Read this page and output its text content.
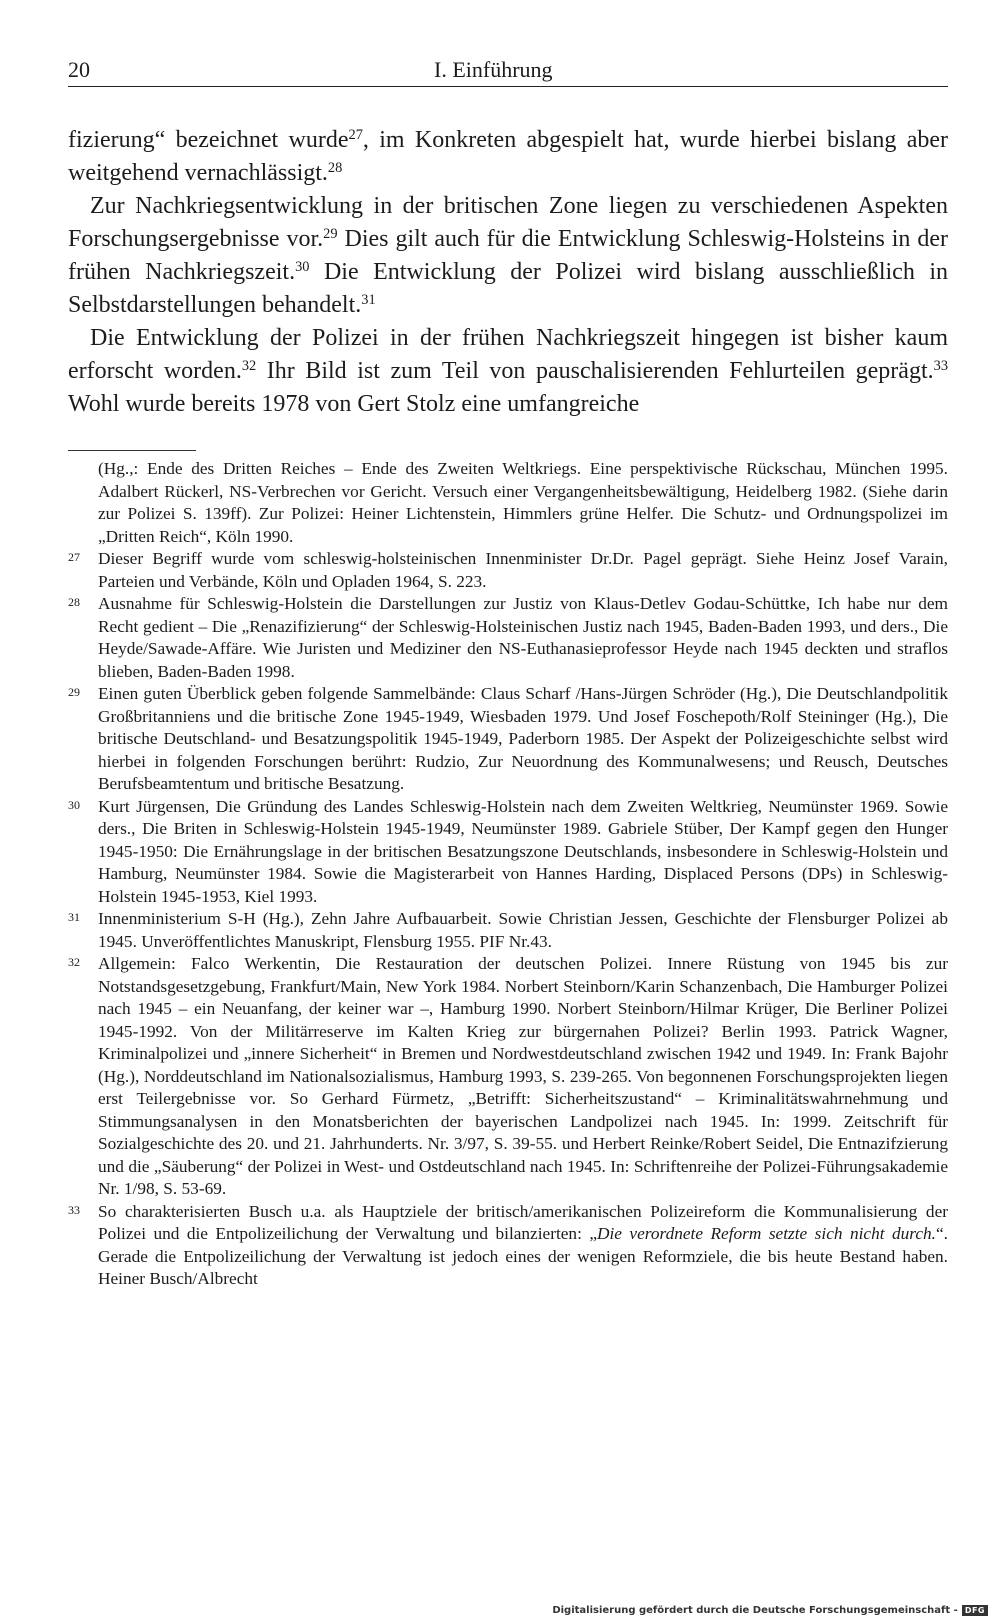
20	I. Einführung

fizierung“ bezeichnet wurde$^{27}$, im Konkreten abgespielt hat, wurde hierbei bislang aber weitgehend vernachlässigt.$^{28}$

Zur Nachkriegsentwicklung in der britischen Zone liegen zu verschiedenen Aspekten Forschungsergebnisse vor.$^{29}$ Dies gilt auch für die Entwicklung Schleswig-Holsteins in der frühen Nachkriegszeit.$^{30}$ Die Entwicklung der Polizei wird bislang ausschließlich in Selbstdarstellungen behandelt.$^{31}$

Die Entwicklung der Polizei in der frühen Nachkriegszeit hingegen ist bisher kaum erforscht worden.$^{32}$ Ihr Bild ist zum Teil von pauschalisierenden Fehlurteilen geprägt.$^{33}$ Wohl wurde bereits 1978 von Gert Stolz eine umfangreiche

(Hg.,: Ende des Dritten Reiches – Ende des Zweiten Weltkriegs. Eine perspektivische Rückschau, München 1995. Adalbert Rückerl, NS-Verbrechen vor Gericht. Versuch einer Vergangenheitsbewältigung, Heidelberg 1982. (Siehe darin zur Polizei S. 139ff). Zur Polizei: Heiner Lichtenstein, Himmlers grüne Helfer. Die Schutz- und Ordnungspolizei im „Dritten Reich“, Köln 1990.
27 Dieser Begriff wurde vom schleswig-holsteinischen Innenminister Dr.Dr. Pagel geprägt. Siehe Heinz Josef Varain, Parteien und Verbände, Köln und Opladen 1964, S. 223.
28 Ausnahme für Schleswig-Holstein die Darstellungen zur Justiz von Klaus-Detlev Godau-Schüttke, Ich habe nur dem Recht gedient – Die „Renazifizierung“ der Schleswig-Holsteinischen Justiz nach 1945, Baden-Baden 1993, und ders., Die Heyde/Sawade-Affäre. Wie Juristen und Mediziner den NS-Euthanasieprofessor Heyde nach 1945 deckten und straflos blieben, Baden-Baden 1998.
29 Einen guten Überblick geben folgende Sammelbände: Claus Scharf /Hans-Jürgen Schröder (Hg.), Die Deutschlandpolitik Großbritanniens und die britische Zone 1945-1949, Wiesbaden 1979. Und Josef Foschepoth/Rolf Steininger (Hg.), Die britische Deutschland- und Besatzungspolitik 1945-1949, Paderborn 1985. Der Aspekt der Polizeigeschichte selbst wird hierbei in folgenden Forschungen berührt: Rudzio, Zur Neuordnung des Kommunalwesens; und Reusch, Deutsches Berufsbeamtentum und britische Besatzung.
30 Kurt Jürgensen, Die Gründung des Landes Schleswig-Holstein nach dem Zweiten Weltkrieg, Neumünster 1969. Sowie ders., Die Briten in Schleswig-Holstein 1945-1949, Neumünster 1989. Gabriele Stüber, Der Kampf gegen den Hunger 1945-1950: Die Ernährungslage in der britischen Besatzungszone Deutschlands, insbesondere in Schleswig-Holstein und Hamburg, Neumünster 1984. Sowie die Magisterarbeit von Hannes Harding, Displaced Persons (DPs) in Schleswig-Holstein 1945-1953, Kiel 1993.
31 Innenministerium S-H (Hg.), Zehn Jahre Aufbauarbeit. Sowie Christian Jessen, Geschichte der Flensburger Polizei ab 1945. Unveröffentlichtes Manuskript, Flensburg 1955. PIF Nr.43.
32 Allgemein: Falco Werkentin, Die Restauration der deutschen Polizei. Innere Rüstung von 1945 bis zur Notstandsgesetzgebung, Frankfurt/Main, New York 1984. Norbert Steinborn/Karin Schanzenbach, Die Hamburger Polizei nach 1945 – ein Neuanfang, der keiner war –, Hamburg 1990. Norbert Steinborn/Hilmar Krüger, Die Berliner Polizei 1945-1992. Von der Militärreserve im Kalten Krieg zur bürgernahen Polizei? Berlin 1993. Patrick Wagner, Kriminalpolizei und „innere Sicherheit“ in Bremen und Nordwestdeutschland zwischen 1942 und 1949. In: Frank Bajohr (Hg.), Norddeutschland im Nationalsozialismus, Hamburg 1993, S. 239-265. Von begonnenen Forschungsprojekten liegen erst Teilergebnisse vor. So Gerhard Fürmetz, „Betrifft: Sicherheitszustand“ – Kriminalitätswahrnehmung und Stimmungsanalysen in den Monatsberichten der bayerischen Landpolizei nach 1945. In: 1999. Zeitschrift für Sozialgeschichte des 20. und 21. Jahrhunderts. Nr. 3/97, S. 39-55. und Herbert Reinke/Robert Seidel, Die Entnazifzierung und die „Säuberung“ der Polizei in West- und Ostdeutschland nach 1945. In: Schriftenreihe der Polizei-Führungsakademie Nr. 1/98, S. 53-69.
33 So charakterisierten Busch u.a. als Hauptziele der britisch/amerikanischen Polizeireform die Kommunalisierung der Polizei und die Entpolizeilichung der Verwaltung und bilanzierten: „Die verordnete Reform setzte sich nicht durch.“. Gerade die Entpolizeilichung der Verwaltung ist jedoch eines der wenigen Reformziele, die bis heute Bestand haben. Heiner Busch/Albrecht
Digitalisierung gefördert durch die Deutsche Forschungsgemeinschaft - DFG
